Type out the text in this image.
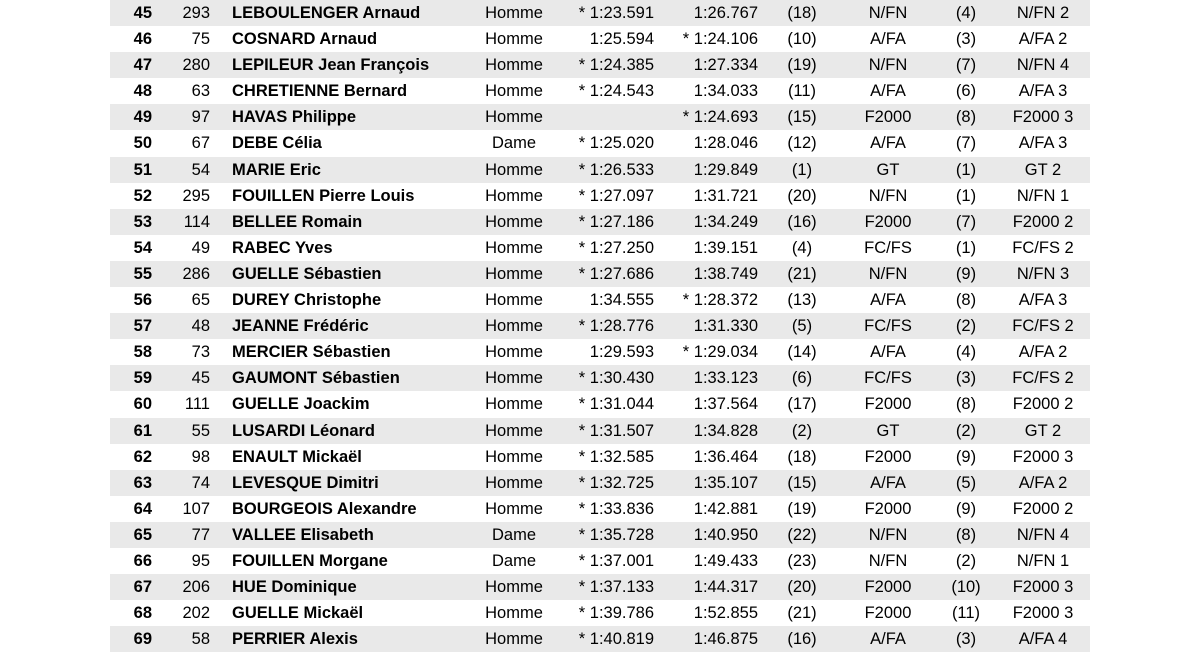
45	293	LEBOULENGER Arnaud	Homme	* 1:23.591	1:26.767	(18)	N/FN	(4)	N/FN 2
46	75	COSNARD Arnaud	Homme	1:25.594	* 1:24.106	(10)	A/FA	(3)	A/FA 2
47	280	LEPILEUR Jean François	Homme	* 1:24.385	1:27.334	(19)	N/FN	(7)	N/FN 4
48	63	CHRETIENNE Bernard	Homme	* 1:24.543	1:34.033	(11)	A/FA	(6)	A/FA 3
49	97	HAVAS Philippe	Homme		* 1:24.693	(15)	F2000	(8)	F2000 3
50	67	DEBE Célia	Dame	* 1:25.020	1:28.046	(12)	A/FA	(7)	A/FA 3
51	54	MARIE Eric	Homme	* 1:26.533	1:29.849	(1)	GT	(1)	GT 2
52	295	FOUILLEN Pierre Louis	Homme	* 1:27.097	1:31.721	(20)	N/FN	(1)	N/FN 1
53	114	BELLEE Romain	Homme	* 1:27.186	1:34.249	(16)	F2000	(7)	F2000 2
54	49	RABEC Yves	Homme	* 1:27.250	1:39.151	(4)	FC/FS	(1)	FC/FS 2
55	286	GUELLE Sébastien	Homme	* 1:27.686	1:38.749	(21)	N/FN	(9)	N/FN 3
56	65	DUREY Christophe	Homme	1:34.555	* 1:28.372	(13)	A/FA	(8)	A/FA 3
57	48	JEANNE Frédéric	Homme	* 1:28.776	1:31.330	(5)	FC/FS	(2)	FC/FS 2
58	73	MERCIER Sébastien	Homme	1:29.593	* 1:29.034	(14)	A/FA	(4)	A/FA 2
59	45	GAUMONT Sébastien	Homme	* 1:30.430	1:33.123	(6)	FC/FS	(3)	FC/FS 2
60	111	GUELLE Joackim	Homme	* 1:31.044	1:37.564	(17)	F2000	(8)	F2000 2
61	55	LUSARDI Léonard	Homme	* 1:31.507	1:34.828	(2)	GT	(2)	GT 2
62	98	ENAULT Mickaël	Homme	* 1:32.585	1:36.464	(18)	F2000	(9)	F2000 3
63	74	LEVESQUE Dimitri	Homme	* 1:32.725	1:35.107	(15)	A/FA	(5)	A/FA 2
64	107	BOURGEOIS Alexandre	Homme	* 1:33.836	1:42.881	(19)	F2000	(9)	F2000 2
65	77	VALLEE Elisabeth	Dame	* 1:35.728	1:40.950	(22)	N/FN	(8)	N/FN 4
66	95	FOUILLEN Morgane	Dame	* 1:37.001	1:49.433	(23)	N/FN	(2)	N/FN 1
67	206	HUE Dominique	Homme	* 1:37.133	1:44.317	(20)	F2000	(10)	F2000 3
68	202	GUELLE Mickaël	Homme	* 1:39.786	1:52.855	(21)	F2000	(11)	F2000 3
69	58	PERRIER Alexis	Homme	* 1:40.819	1:46.875	(16)	A/FA	(3)	A/FA 4
